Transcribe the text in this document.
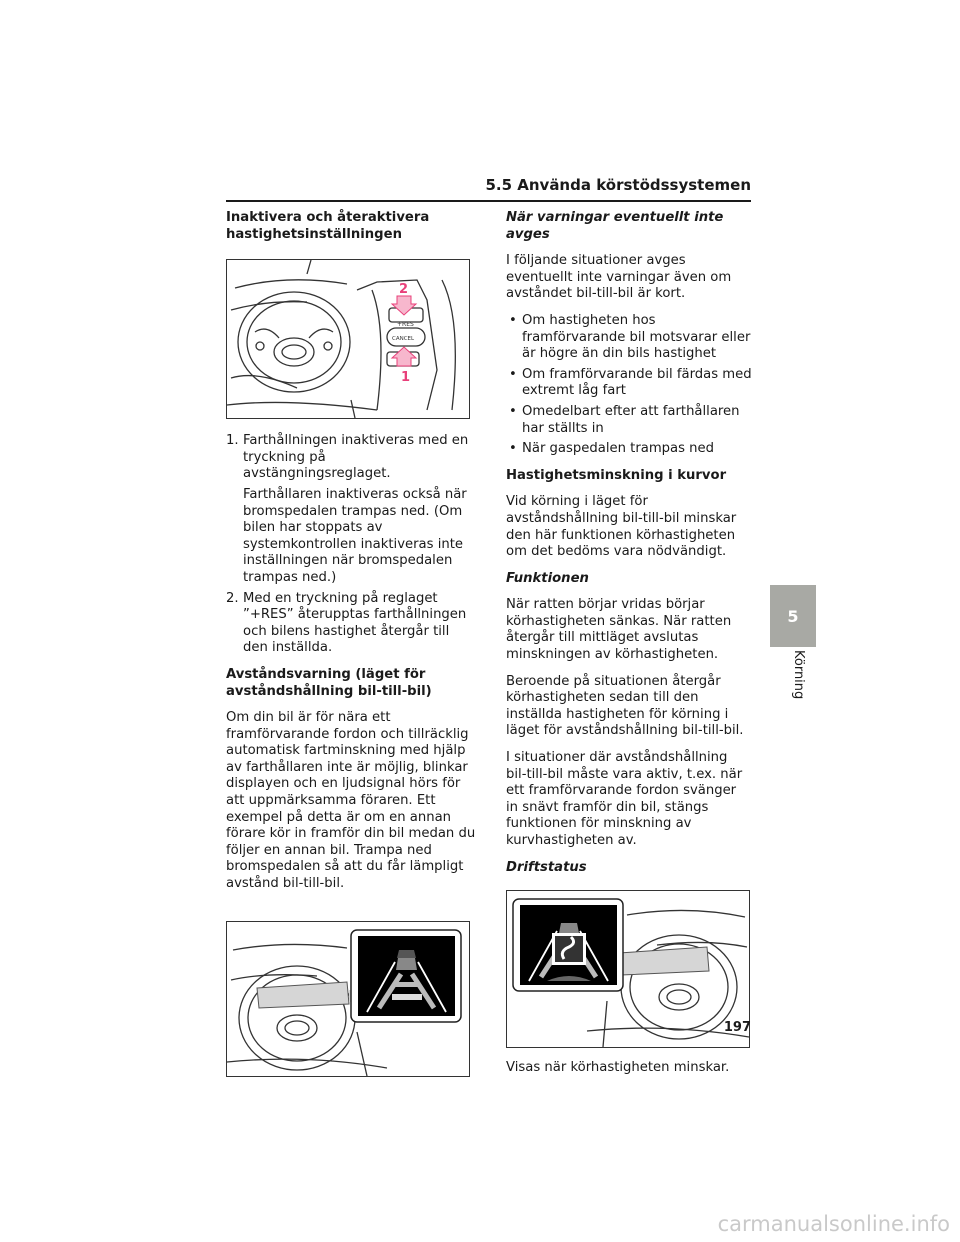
5.5 Använda körstödssystemen
Inaktivera och återaktivera hastighetsinställningen
+RES
CANCEL
2
1
1. Farthållningen inaktiveras med en tryckning på avstängningsreglaget.

Farthållaren inaktiveras också när bromspedalen trampas ned. (Om bilen har stoppats av systemkontrollen inaktiveras inte inställningen när bromspedalen trampas ned.)

2. Med en tryckning på reglaget ”+RES” återupptas farthållningen och bilens hastighet återgår till den inställda.

Avståndsvarning (läget för avståndshållning bil-till-bil)

Om din bil är för nära ett framförvarande fordon och tillräcklig automatisk fartminskning med hjälp av farthållaren inte är möjlig, blinkar displayen och en ljudsignal hörs för att uppmärksamma föraren. Ett exempel på detta är om en annan förare kör in framför din bil medan du följer en annan bil. Trampa ned bromspedalen så att du får lämpligt avstånd bil-till-bil.

När varningar eventuellt inte avges

I följande situationer avges eventuellt inte varningar även om avståndet bil-till-bil är kort.

• Om hastigheten hos framförvarande bil motsvarar eller är högre än din bils hastighet
• Om framförvarande bil färdas med extremt låg fart
• Omedelbart efter att farthållaren har ställts in
• När gaspedalen trampas ned
Hastighetsminskning i kurvor

Vid körning i läget för avståndshållning bil-till-bil minskar den här funktionen körhastigheten om det bedöms vara nödvändigt.

Funktionen

När ratten börjar vridas börjar körhastigheten sänkas. När ratten återgår till mittläget avslutas minskningen av körhastigheten.

Beroende på situationen återgår körhastigheten sedan till den inställda hastigheten för körning i läget för avståndshållning bil-till-bil.

I situationer där avståndshållning bil-till-bil måste vara aktiv, t.ex. när ett framförvarande fordon svänger in snävt framför din bil, stängs funktionen för minskning av kurvhastigheten av.

Driftstatus

Visas när körhastigheten minskar.

5
Körning
197
carmanualsonline.info
